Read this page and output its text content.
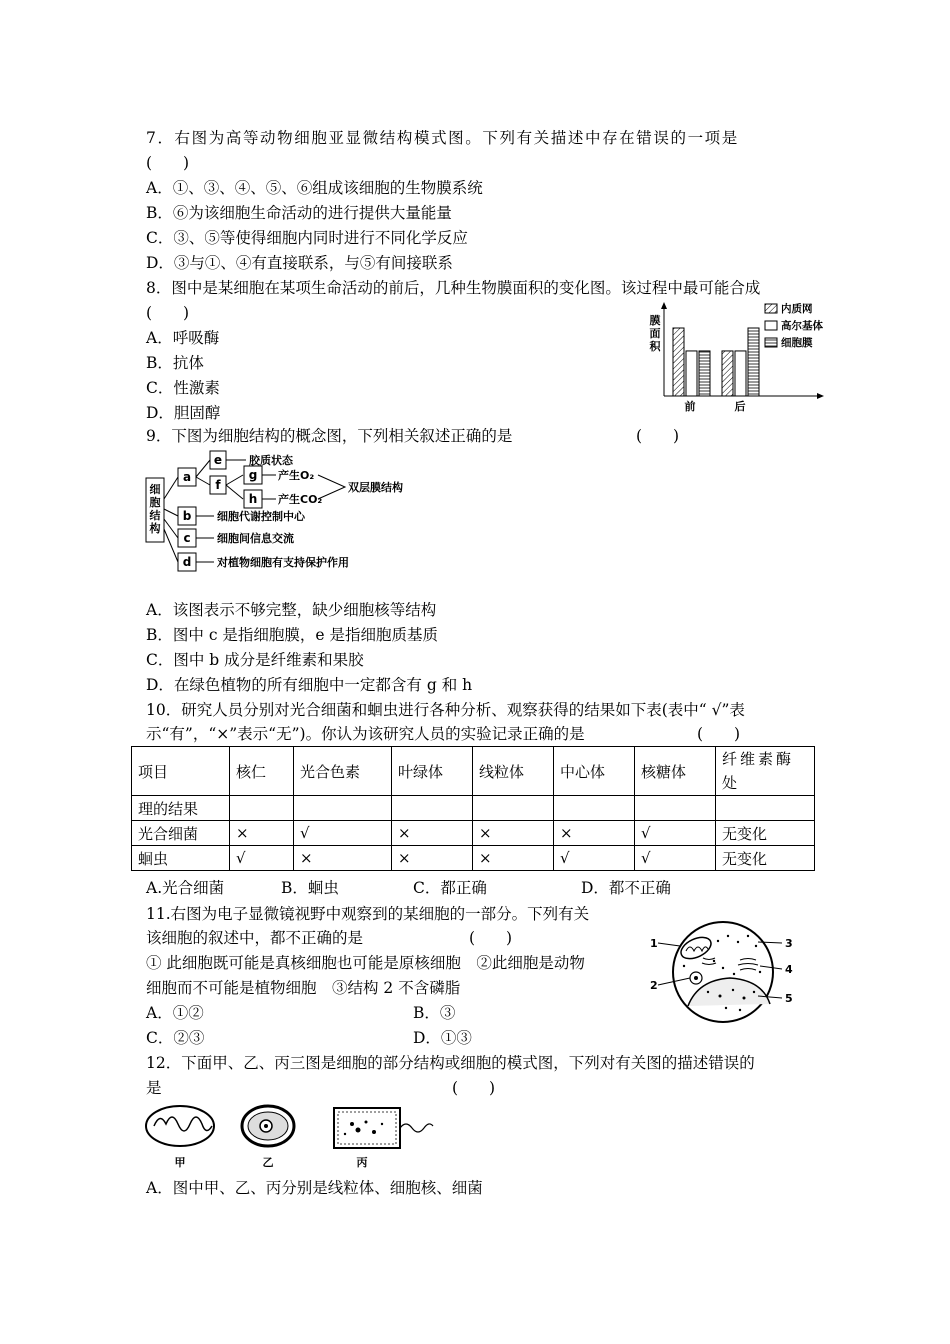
7．右图为高等动物细胞亚显微结构模式图。下列有关描述中存在错误的一项是
(　　)
A．①、③、④、⑤、⑥组成该细胞的生物膜系统
B．⑥为该细胞生命活动的进行提供大量能量
C．③、⑤等使得细胞内同时进行不同化学反应
D．③与①、④有直接联系，与⑤有间接联系
8．图中是某细胞在某项生命活动的前后，几种生物膜面积的变化图。该过程中最可能合成
(　　)
A．呼吸酶
B．抗体
C．性激素
D．胆固醇
膜
面
积
前	后
内质网
高尔基体
细胞膜
9．下图为细胞结构的概念图，下列相关叙述正确的是	(　　)
细
胞
结
构
a
e
f
g
h
b
c
d
胶质状态
产生O₂
产生CO₂
双层膜结构
细胞代谢控制中心
细胞间信息交流
对植物细胞有支持保护作用
A．该图表示不够完整，缺少细胞核等结构
B．图中 c 是指细胞膜，e 是指细胞质基质
C．图中 b 成分是纤维素和果胶
D．在绿色植物的所有细胞中一定都含有 g 和 h
10．研究人员分别对光合细菌和蛔虫进行各种分析、观察获得的结果如下表(表中“ √”表
示“有”，“×”表示“无”)。你认为该研究人员的实验记录正确的是	(　　)
项目	核仁	光合色素	叶绿体	线粒体	中心体	核糖体	纤维素酶处
理的结果							
光合细菌	×	√	×	×	×	√	无变化
蛔虫	√	×	×	×	√	√	无变化
A.光合细菌	B．蛔虫	C．都正确	D．都不正确
11.右图为电子显微镜视野中观察到的某细胞的一部分。下列有关
该细胞的叙述中，都不正确的是	(　　)
① 此细胞既可能是真核细胞也可能是原核细胞　②此细胞是动物
细胞而不可能是植物细胞　③结构 2 不含磷脂
A．①②	B．③
C．②③	D．①③
1
2
3
4
5
12．下面甲、乙、丙三图是细胞的部分结构或细胞的模式图，下列对有关图的描述错误的
是	(　　)
甲	乙	丙
A．图中甲、乙、丙分别是线粒体、细胞核、细菌
